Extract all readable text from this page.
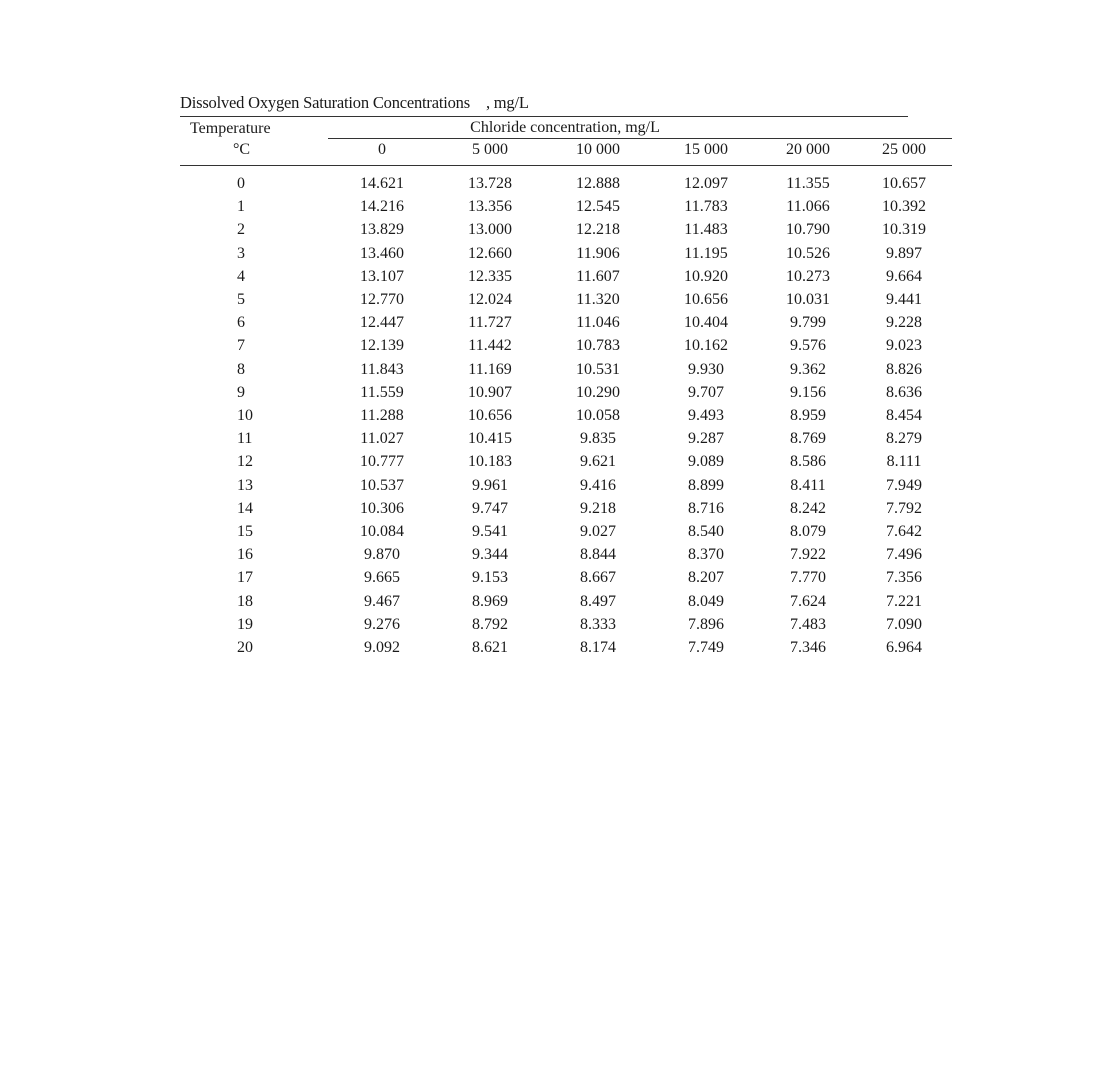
Dissolved Oxygen Saturation Concentrations , mg/L
Temperature	Chloride concentration, mg/L					

°C	0	5 000	10 000	15 000	20 000	25 000

0	14.621	13.728	12.888	12.097	11.355	10.657
1	14.216	13.356	12.545	11.783	11.066	10.392
2	13.829	13.000	12.218	11.483	10.790	10.319
3	13.460	12.660	11.906	11.195	10.526	9.897
4	13.107	12.335	11.607	10.920	10.273	9.664
5	12.770	12.024	11.320	10.656	10.031	9.441
6	12.447	11.727	11.046	10.404	9.799	9.228
7	12.139	11.442	10.783	10.162	9.576	9.023
8	11.843	11.169	10.531	9.930	9.362	8.826
9	11.559	10.907	10.290	9.707	9.156	8.636
10	11.288	10.656	10.058	9.493	8.959	8.454
11	11.027	10.415	9.835	9.287	8.769	8.279
12	10.777	10.183	9.621	9.089	8.586	8.111
13	10.537	9.961	9.416	8.899	8.411	7.949
14	10.306	9.747	9.218	8.716	8.242	7.792
15	10.084	9.541	9.027	8.540	8.079	7.642
16	9.870	9.344	8.844	8.370	7.922	7.496
17	9.665	9.153	8.667	8.207	7.770	7.356
18	9.467	8.969	8.497	8.049	7.624	7.221
19	9.276	8.792	8.333	7.896	7.483	7.090
20	9.092	8.621	8.174	7.749	7.346	6.964
